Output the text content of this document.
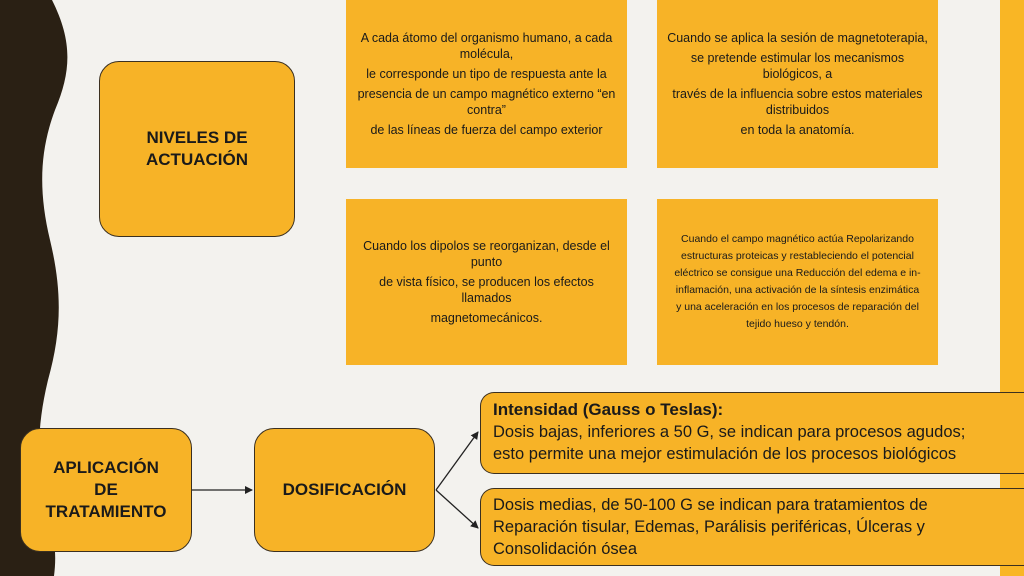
NIVELES DE
ACTUACIÓN

A cada átomo del organismo humano, a cada molécula,

le corresponde un tipo de respuesta ante la

presencia de un campo magnético externo “en contra”

de las líneas de fuerza del campo exterior

Cuando se aplica la sesión de magnetoterapia,

se pretende estimular los mecanismos biológicos, a

través de la influencia sobre estos materiales distribuidos

en toda la anatomía.

Cuando los dipolos se reorganizan, desde el punto

de vista físico, se producen los efectos llamados

magnetomecánicos.

Cuando el campo magnético actúa Repolarizando

estructuras proteicas y restableciendo el potencial

eléctrico se consigue una Reducción del edema e in-

inflamación, una activación de la síntesis enzimática

y una aceleración en los procesos de reparación del

tejido hueso y tendón.

APLICACIÓN
DE
TRATAMIENTO
DOSIFICACIÓN

Intensidad (Gauss o Teslas):

Dosis bajas, inferiores a 50 G, se indican para procesos agudos;

esto permite una mejor estimulación de los procesos biológicos

Dosis medias, de 50-100 G se indican para tratamientos de

Reparación tisular, Edemas, Parálisis periféricas, Úlceras y

Consolidación ósea
